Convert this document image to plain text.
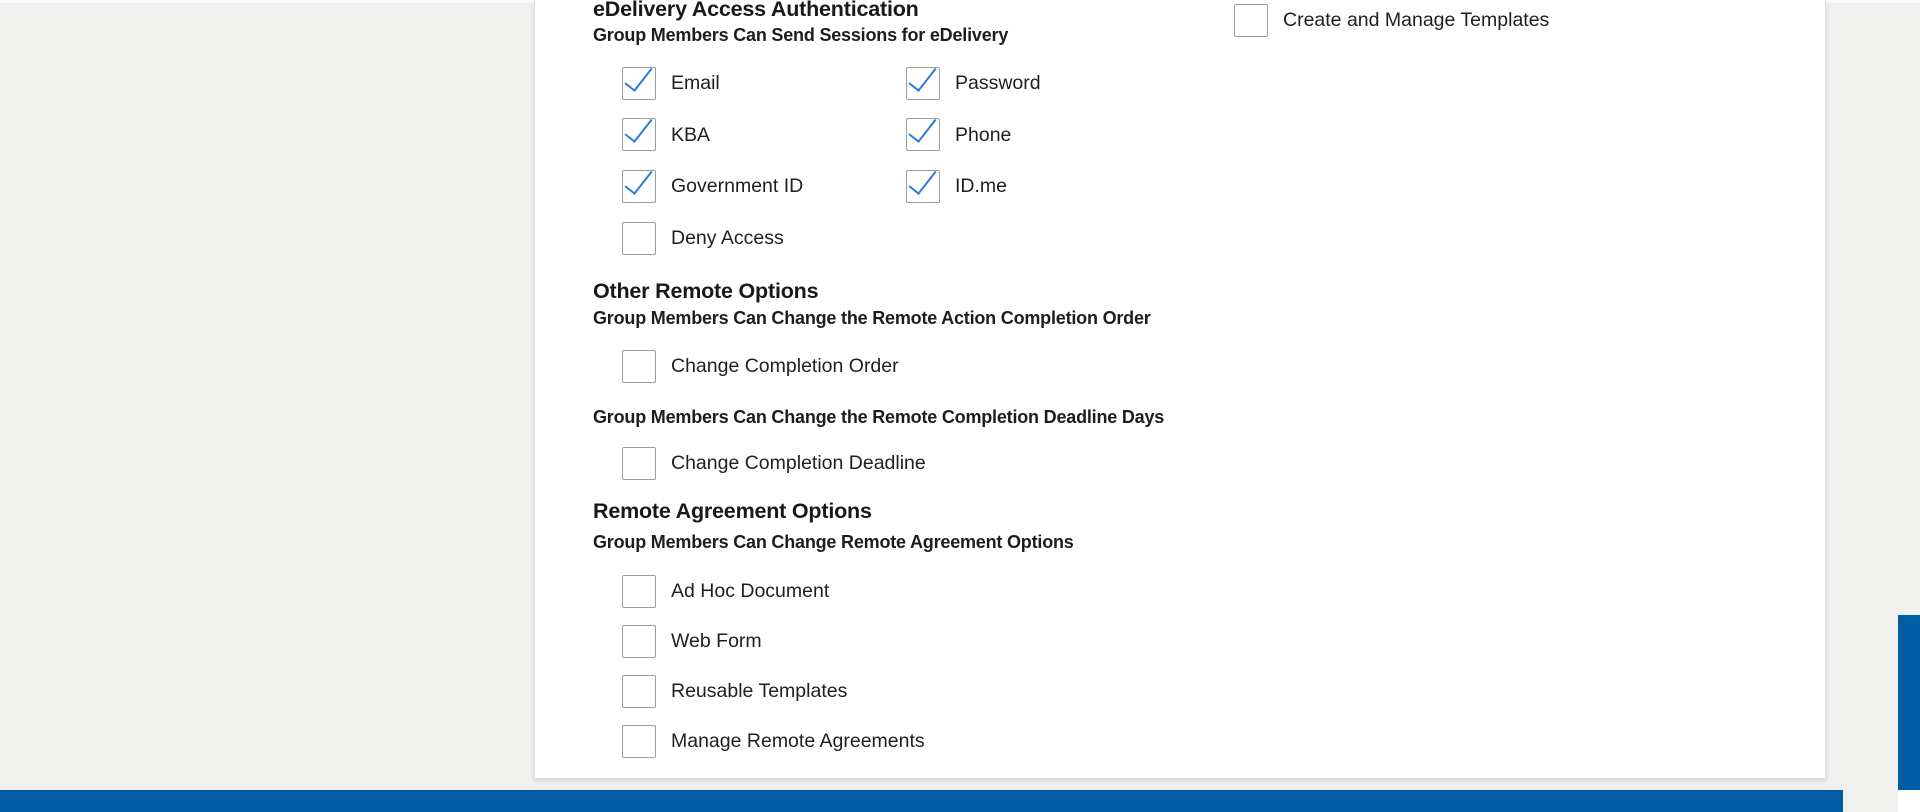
eDelivery Access Authentication
Group Members Can Send Sessions for eDelivery
Email	Password
KBA	Phone
Government ID	ID.me
Deny Access
Create and Manage Templates
Other Remote Options
Group Members Can Change the Remote Action Completion Order
Change Completion Order
Group Members Can Change the Remote Completion Deadline Days
Change Completion Deadline
Remote Agreement Options
Group Members Can Change Remote Agreement Options
Ad Hoc Document
Web Form
Reusable Templates
Manage Remote Agreements
